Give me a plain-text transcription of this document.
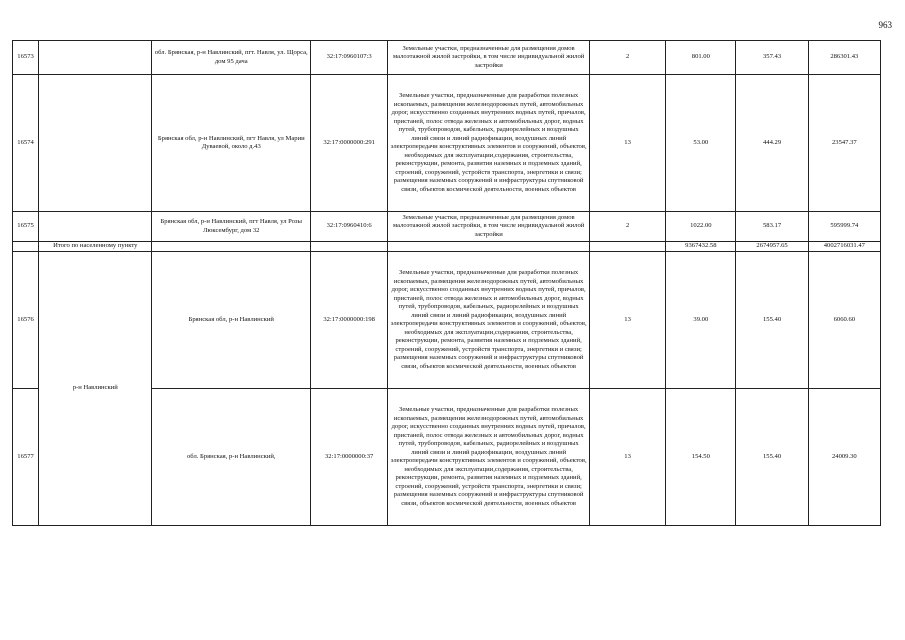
963
16573		обл. Брянская, р-н Навлинский, пгт. Навля, ул. Щорса, дом 95 дача	32:17:0960107:3	Земельные участки, предназначенные для размещения домов малоэтажной жилой застройки, в том числе индивидуальной жилой застройки	2	801.00	357.43	286301.43
16574		Брянская обл, р-н Навлинский, пгт Навля, ул Марии Дуваевой, около д.43	32:17:0000000:291	Земельные участки, предназначенные для разработки полезных ископаемых, размещения железнодорожных путей, автомобильных дорог, искусственно созданных внутренних водных путей, причалов, пристаней, полос отвода железных и автомобильных дорог, водных путей, трубопроводов, кабельных, радиорелейных и воздушных линий связи и линий радиофикации, воздушных линий электропередачи конструктивных элементов и сооружений, объектов, необходимых для эксплуатации,содержания, строительства, реконструкции, ремонта, развития наземных и подземных зданий, строений, сооружений, устройств транспорта, энергетики и связи; размещения наземных сооружений и инфраструктуры спутниковой связи, объектов космической деятельности, военных объектов	13	53.00	444.29	23547.37
16575		Брянская обл, р-н Навлинский, пгт Навля, ул Розы Люксембург, дом 32	32:17:0960410:6	Земельные участки, предназначенные для размещения домов малоэтажной жилой застройки, в том числе индивидуальной жилой застройки	2	1022.00	583.17	595999.74
	Итого по населенному пункту					9367432.58	2674957.65	4002716031.47
16576	р-н Навлинский	Брянская обл, р-н Навлинский	32:17:0000000:198	Земельные участки, предназначенные для разработки полезных ископаемых, размещения железнодорожных путей, автомобильных дорог, искусственно созданных внутренних водных путей, причалов, пристаней, полос отвода железных и автомобильных дорог, водных путей, трубопроводов, кабельных, радиорелейных и воздушных линий связи и линий радиофикации, воздушных линий электропередачи конструктивных элементов и сооружений, объектов, необходимых для эксплуатации,содержания, строительства, реконструкции, ремонта, развития наземных и подземных зданий, строений, сооружений, устройств транспорта, энергетики и связи; размещения наземных сооружений и инфраструктуры спутниковой связи, объектов космической деятельности, военных объектов	13	39.00	155.40	6060.60
16577		обл. Брянская, р-н Навлинский,	32:17:0000000:37	Земельные участки, предназначенные для разработки полезных ископаемых, размещения железнодорожных путей, автомобильных дорог, искусственно созданных внутренних водных путей, причалов, пристаней, полос отвода железных и автомобильных дорог, водных путей, трубопроводов, кабельных, радиорелейных и воздушных линий связи и линий радиофикации, воздушных линий электропередачи конструктивных элементов и сооружений, объектов, необходимых для эксплуатации,содержания, строительства, реконструкции, ремонта, развития наземных и подземных зданий, строений, сооружений, устройств транспорта, энергетики и связи; размещения наземных сооружений и инфраструктуры спутниковой связи, объектов космической деятельности, военных объектов	13	154.50	155.40	24009.30
